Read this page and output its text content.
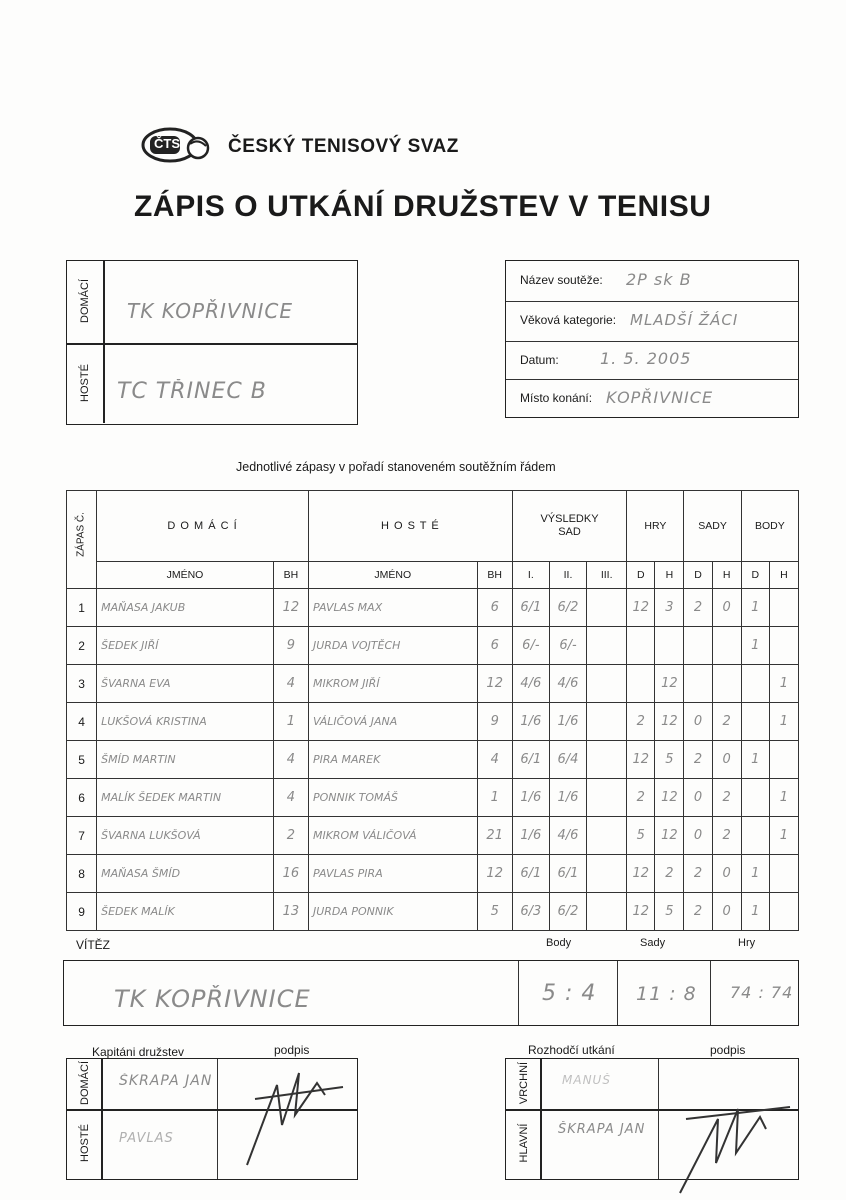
ČTS	ČESKÝ TENISOVÝ SVAZ
ZÁPIS O UTKÁNÍ DRUŽSTEV V TENISU
DOMÁCÍ
HOSTÉ
TK KOPŘIVNICE
TC TŘINEC B
Název soutěže: 2P sk B
Věková kategorie: MLADŠÍ ŽÁCI
Datum:	1. 5. 2005
Místo konání: KOPŘIVNICE
Jednotlivé zápasy v pořadí stanoveném soutěžním řádem
ZÁPAS Č.	D O M Á C Í		H O S T É		VÝSLEDKY SAD			HRY		SADY		BODY	
	JMÉNO	BH	JMÉNO	BH	I.	II.	III.	D	H	D	H	D	H
1	MAŇASA JAKUB	12	PAVLAS MAX	6	6/1	6/2		12	3	2	0	1	
2	ŠEDEK JIŘÍ	9	JURDA VOJTĚCH	6	6/-	6/-						1	
3	ŠVARNA EVA	4	MIKROM JIŘÍ	12	4/6	4/6			12				1
4	LUKŠOVÁ KRISTINA	1	VÁLIČOVÁ JANA	9	1/6	1/6		2	12	0	2		1
5	ŠMÍD MARTIN	4	PIRA MAREK	4	6/1	6/4		12	5	2	0	1	
6	MALÍK ŠEDEK MARTIN	4	PONNIK TOMÁŠ	1	1/6	1/6		2	12	0	2		1
7	ŠVARNA LUKŠOVÁ	2	MIKROM VÁLIČOVÁ	21	1/6	4/6		5	12	0	2		1
8	MAŇASA ŠMÍD	16	PAVLAS PIRA	12	6/1	6/1		12	2	2	0	1	
9	ŠEDEK MALÍK	13	JURDA PONNIK	5	6/3	6/2		12	5	2	0	1	
VÍTĚZ	Body	Sady	Hry
TK KOPŘIVNICE	5 : 4 11 : 8 74 : 74
Kapitáni družstev	podpis
DOMÁCÍ
HOSTÉ
ŠKRAPA JAN
PAVLAS
Rozhodčí utkání	podpis
VRCHNÍ
HLAVNÍ
MANUŠ
ŠKRAPA JAN
